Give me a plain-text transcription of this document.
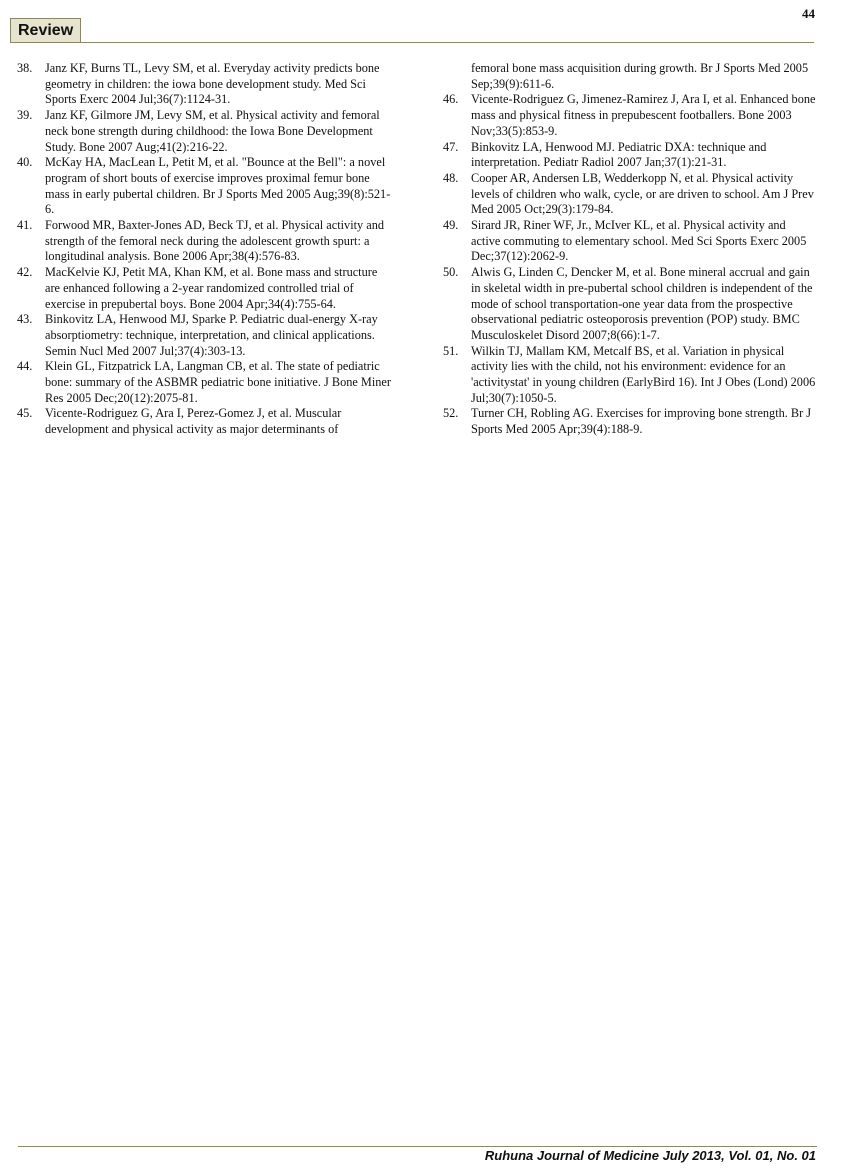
44
Review
38.	Janz KF, Burns TL, Levy SM, et al. Everyday activity predicts bone geometry in children: the iowa bone development study. Med Sci Sports Exerc 2004 Jul;36(7):1124-31.
39.	Janz KF, Gilmore JM, Levy SM, et al. Physical activity and femoral neck bone strength during childhood: the Iowa Bone Development Study. Bone 2007 Aug;41(2):216-22.
40.	McKay HA, MacLean L, Petit M, et al. "Bounce at the Bell": a novel program of short bouts of exercise improves proximal femur bone mass in early pubertal children. Br J Sports Med 2005 Aug;39(8):521-6.
41.	Forwood MR, Baxter-Jones AD, Beck TJ, et al. Physical activity and strength of the femoral neck during the adolescent growth spurt: a longitudinal analysis. Bone 2006 Apr;38(4):576-83.
42.	MacKelvie KJ, Petit MA, Khan KM, et al. Bone mass and structure are enhanced following a 2-year randomized controlled trial of exercise in prepubertal boys. Bone 2004 Apr;34(4):755-64.
43.	Binkovitz LA, Henwood MJ, Sparke P. Pediatric dual-energy X-ray absorptiometry: technique, interpretation, and clinical applications. Semin Nucl Med 2007 Jul;37(4):303-13.
44.	Klein GL, Fitzpatrick LA, Langman CB, et al. The state of pediatric bone: summary of the ASBMR pediatric bone initiative. J Bone Miner Res 2005 Dec;20(12):2075-81.
45.	Vicente-Rodriguez G, Ara I, Perez-Gomez J, et al. Muscular development and physical activity as major determinants of
femoral bone mass acquisition during growth. Br J Sports Med 2005 Sep;39(9):611-6.
46.	Vicente-Rodriguez G, Jimenez-Ramirez J, Ara I, et al. Enhanced bone mass and physical fitness in prepubescent footballers. Bone 2003 Nov;33(5):853-9.
47.	Binkovitz LA, Henwood MJ. Pediatric DXA: technique and interpretation. Pediatr Radiol 2007 Jan;37(1):21-31.
48.	Cooper AR, Andersen LB, Wedderkopp N, et al. Physical activity levels of children who walk, cycle, or are driven to school. Am J Prev Med 2005 Oct;29(3):179-84.
49.	Sirard JR, Riner WF, Jr., McIver KL, et al. Physical activity and active commuting to elementary school. Med Sci Sports Exerc 2005 Dec;37(12):2062-9.
50.	Alwis G, Linden C, Dencker M, et al. Bone mineral accrual and gain in skeletal width in pre-pubertal school children is independent of the mode of school transportation-one year data from the prospective observational pediatric osteoporosis prevention (POP) study. BMC Musculoskelet Disord 2007;8(66):1-7.
51.	Wilkin TJ, Mallam KM, Metcalf BS, et al. Variation in physical activity lies with the child, not his environment: evidence for an 'activitystat' in young children (EarlyBird 16). Int J Obes (Lond) 2006 Jul;30(7):1050-5.
52.	Turner CH, Robling AG. Exercises for improving bone strength. Br J Sports Med 2005 Apr;39(4):188-9.
Ruhuna Journal of Medicine July 2013, Vol. 01, No. 01
